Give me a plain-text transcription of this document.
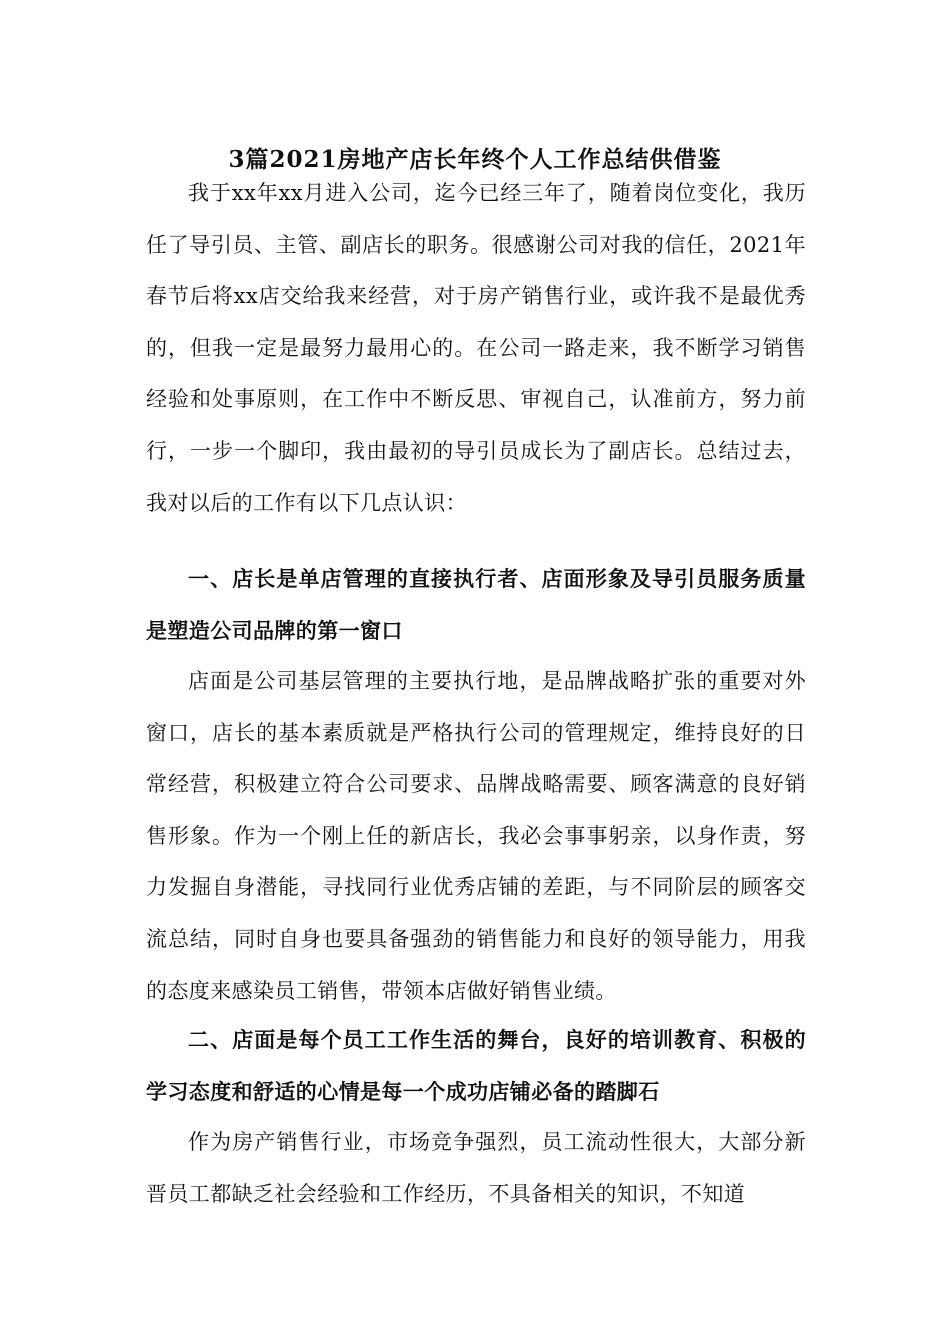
3篇2021房地产店长年终个人工作总结供借鉴

我于xx年xx月进入公司，迄今已经三年了，随着岗位变化，我历任了导引员、主管、副店长的职务。很感谢公司对我的信任，2021年春节后将xx店交给我来经营，对于房产销售行业，或许我不是最优秀的，但我一定是最努力最用心的。在公司一路走来，我不断学习销售经验和处事原则，在工作中不断反思、审视自己，认准前方，努力前行，一步一个脚印，我由最初的导引员成长为了副店长。总结过去，我对以后的工作有以下几点认识：

一、店长是单店管理的直接执行者、店面形象及导引员服务质量是塑造公司品牌的第一窗口

店面是公司基层管理的主要执行地，是品牌战略扩张的重要对外窗口，店长的基本素质就是严格执行公司的管理规定，维持良好的日常经营，积极建立符合公司要求、品牌战略需要、顾客满意的良好销售形象。作为一个刚上任的新店长，我必会事事躬亲，以身作责，努力发掘自身潜能，寻找同行业优秀店铺的差距，与不同阶层的顾客交流总结，同时自身也要具备强劲的销售能力和良好的领导能力，用我的态度来感染员工销售，带领本店做好销售业绩。

二、店面是每个员工工作生活的舞台，良好的培训教育、积极的学习态度和舒适的心情是每一个成功店铺必备的踏脚石

作为房产销售行业，市场竞争强烈，员工流动性很大，大部分新晋员工都缺乏社会经验和工作经历，不具备相关的知识，不知道
